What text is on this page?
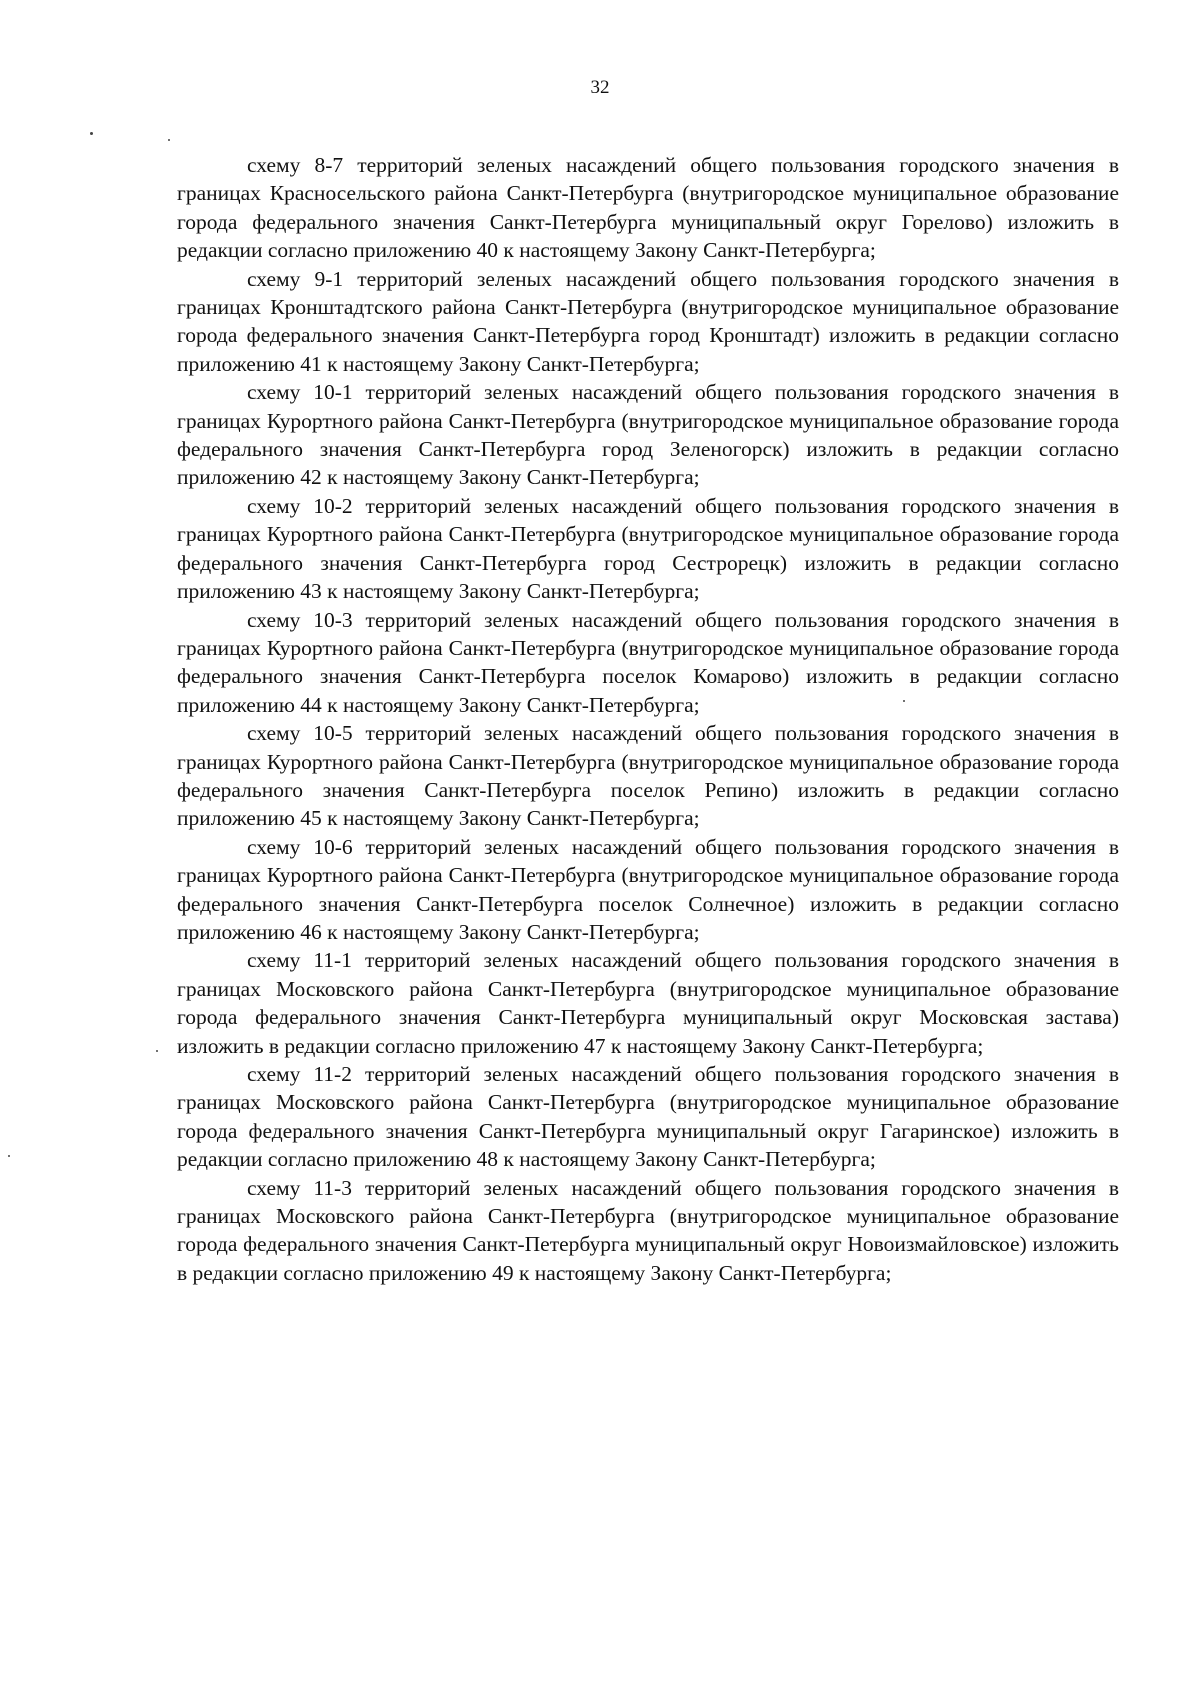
32

схему 8-7 территорий зеленых насаждений общего пользования городского значения в границах Красносельского района Санкт-Петербурга (внутригородское муниципальное образование города федерального значения Санкт-Петербурга муниципальный округ Горелово) изложить в редакции согласно приложению 40 к настоящему Закону Санкт-Петербурга;

схему 9-1 территорий зеленых насаждений общего пользования городского значения в границах Кронштадтского района Санкт-Петербурга (внутригородское муниципальное образование города федерального значения Санкт-Петербурга город Кронштадт) изложить в редакции согласно приложению 41 к настоящему Закону Санкт-Петербурга;

схему 10-1 территорий зеленых насаждений общего пользования городского значения в границах Курортного района Санкт-Петербурга (внутригородское муниципальное образование города федерального значения Санкт-Петербурга город Зеленогорск) изложить в редакции согласно приложению 42 к настоящему Закону Санкт-Петербурга;

схему 10-2 территорий зеленых насаждений общего пользования городского значения в границах Курортного района Санкт-Петербурга (внутригородское муниципальное образование города федерального значения Санкт-Петербурга город Сестрорецк) изложить в редакции согласно приложению 43 к настоящему Закону Санкт-Петербурга;

схему 10-3 территорий зеленых насаждений общего пользования городского значения в границах Курортного района Санкт-Петербурга (внутригородское муниципальное образование города федерального значения Санкт-Петербурга поселок Комарово) изложить в редакции согласно приложению 44 к настоящему Закону Санкт-Петербурга;

схему 10-5 территорий зеленых насаждений общего пользования городского значения в границах Курортного района Санкт-Петербурга (внутригородское муниципальное образование города федерального значения Санкт-Петербурга поселок Репино) изложить в редакции согласно приложению 45 к настоящему Закону Санкт-Петербурга;

схему 10-6 территорий зеленых насаждений общего пользования городского значения в границах Курортного района Санкт-Петербурга (внутригородское муниципальное образование города федерального значения Санкт-Петербурга поселок Солнечное) изложить в редакции согласно приложению 46 к настоящему Закону Санкт-Петербурга;

схему 11-1 территорий зеленых насаждений общего пользования городского значения в границах Московского района Санкт-Петербурга (внутригородское муниципальное образование города федерального значения Санкт-Петербурга муниципальный округ Московская застава) изложить в редакции согласно приложению 47 к настоящему Закону Санкт-Петербурга;

схему 11-2 территорий зеленых насаждений общего пользования городского значения в границах Московского района Санкт-Петербурга (внутригородское муниципальное образование города федерального значения Санкт-Петербурга муниципальный округ Гагаринское) изложить в редакции согласно приложению 48 к настоящему Закону Санкт-Петербурга;

схему 11-3 территорий зеленых насаждений общего пользования городского значения в границах Московского района Санкт-Петербурга (внутригородское муниципальное образование города федерального значения Санкт-Петербурга муниципальный округ Новоизмайловское) изложить в редакции согласно приложению 49 к настоящему Закону Санкт-Петербурга;
